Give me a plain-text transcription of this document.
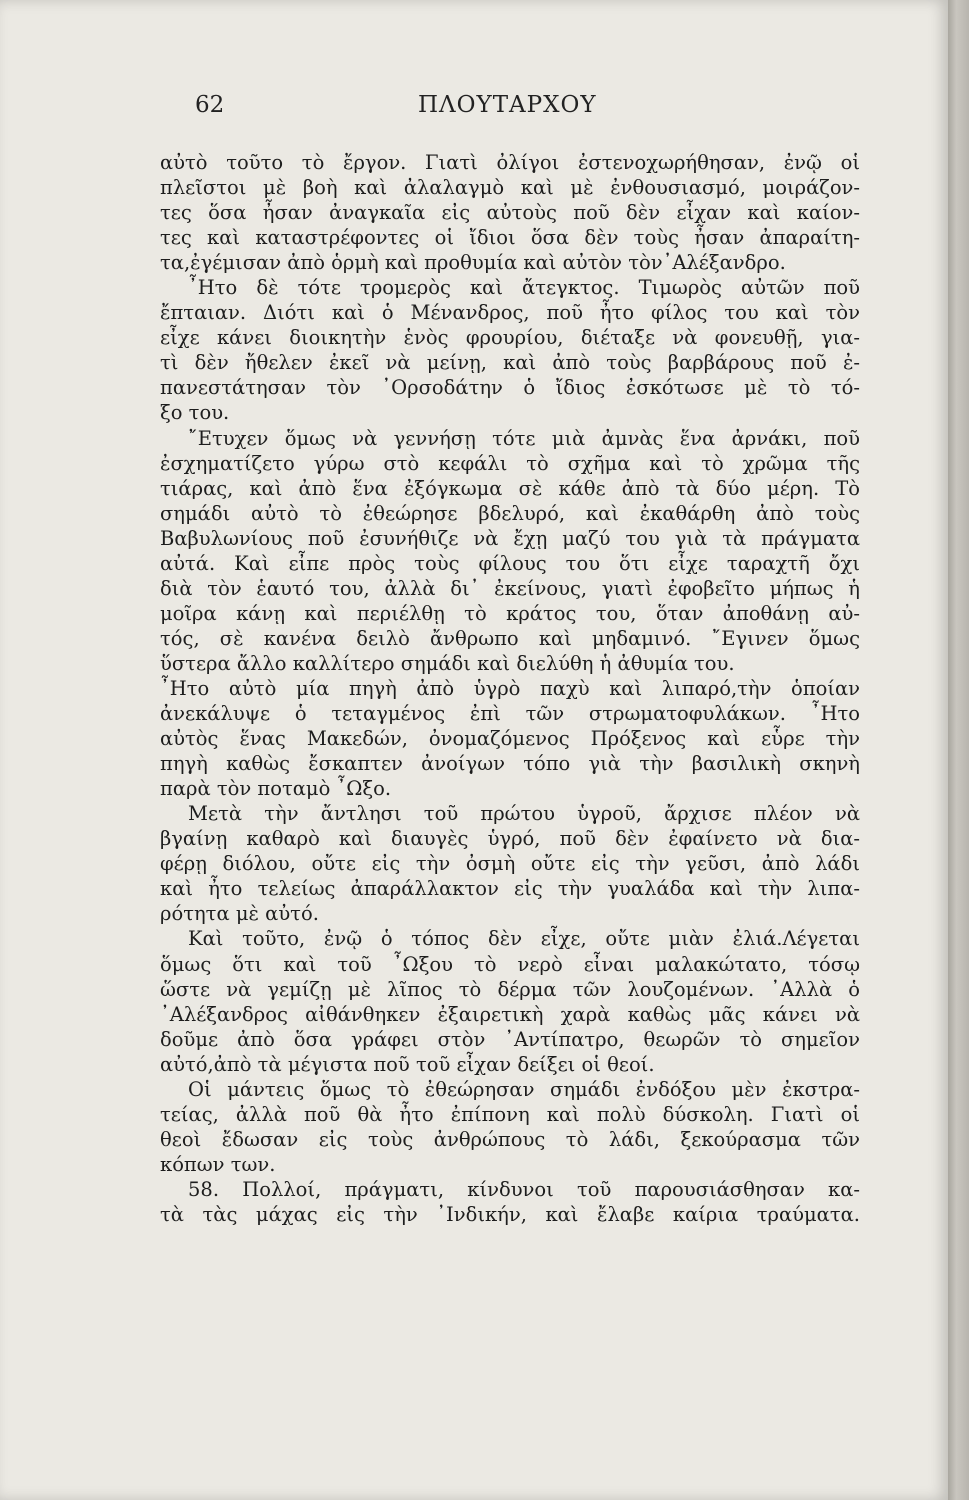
62	ΠΛΟΥΤΑΡΧΟΥ
αὐτὸ τοῦτο τὸ ἔργον. Γιατὶ ὀλίγοι ἐστενοχωρήθησαν, ἐνῷ οἱ
πλεῖστοι μὲ βοὴ καὶ ἀλαλαγμὸ καὶ μὲ ἐνθουσιασμό, μοιράζον-
τες ὅσα ἦσαν ἀναγκαῖα εἰς αὐτοὺς ποῦ δὲν εἶχαν καὶ καίον-
τες καὶ καταστρέφοντες οἱ ἴδιοι ὅσα δὲν τοὺς ἦσαν ἀπαραίτη-
τα,ἐγέμισαν ἀπὸ ὁρμὴ καὶ προθυμία καὶ αὐτὸν τὸν᾿Αλέξανδρο.
῏Ητο δὲ τότε τρομερὸς καὶ ἄτεγκτος. Τιμωρὸς αὐτῶν ποῦ
ἔπταιαν. Διότι καὶ ὁ Μένανδρος, ποῦ ἦτο φίλος του καὶ τὸν
εἶχε κάνει διοικητὴν ἑνὸς φρουρίου, διέταξε νὰ φονευθῇ, για-
τὶ δὲν ἤθελεν ἐκεῖ νὰ μείνῃ, καὶ ἀπὸ τοὺς βαρβάρους ποῦ ἐ-
πανεστάτησαν τὸν ᾿Ορσοδάτην ὁ ἴδιος ἐσκότωσε μὲ τὸ τό-
ξο του.
῎Ετυχεν ὅμως νὰ γεννήσῃ τότε μιὰ ἀμνὰς ἕνα ἀρνάκι, ποῦ
ἐσχηματίζετο γύρω στὸ κεφάλι τὸ σχῆμα καὶ τὸ χρῶμα τῆς
τιάρας, καὶ ἀπὸ ἕνα ἐξόγκωμα σὲ κάθε ἀπὸ τὰ δύο μέρη. Τὸ
σημάδι αὐτὸ τὸ ἐθεώρησε βδελυρό, καὶ ἐκαθάρθη ἀπὸ τοὺς
Βαβυλωνίους ποῦ ἐσυνήθιζε νὰ ἔχῃ μαζύ του γιὰ τὰ πράγματα
αὐτά. Καὶ εἶπε πρὸς τοὺς φίλους του ὅτι εἶχε ταραχτῆ ὄχι
διὰ τὸν ἑαυτό του, ἀλλὰ δι᾿ ἐκείνους, γιατὶ ἐφοβεῖτο μήπως ἡ
μοῖρα κάνῃ καὶ περιέλθῃ τὸ κράτος του, ὅταν ἀποθάνῃ αὐ-
τός, σὲ κανένα δειλὸ ἄνθρωπο καὶ μηδαμινό. ῎Εγινεν ὅμως
ὕστερα ἄλλο καλλίτερο σημάδι καὶ διελύθη ἡ ἀθυμία του.
῏Ητο αὐτὸ μία πηγὴ ἀπὸ ὑγρὸ παχὺ καὶ λιπαρό,τὴν ὁποίαν
ἀνεκάλυψε ὁ τεταγμένος ἐπὶ τῶν στρωματοφυλάκων. ῏Ητο
αὐτὸς ἕνας Μακεδών, ὀνομαζόμενος Πρόξενος καὶ εὗρε τὴν
πηγὴ καθὼς ἔσκαπτεν ἀνοίγων τόπο γιὰ τὴν βασιλικὴ σκηνὴ
παρὰ τὸν ποταμὸ ῏Ωξο.
Μετὰ τὴν ἄντλησι τοῦ πρώτου ὑγροῦ, ἄρχισε πλέον νὰ
βγαίνῃ καθαρὸ καὶ διαυγὲς ὑγρό, ποῦ δὲν ἐφαίνετο νὰ δια-
φέρῃ διόλου, οὔτε εἰς τὴν ὀσμὴ οὔτε εἰς τὴν γεῦσι, ἀπὸ λάδι
καὶ ἦτο τελείως ἀπαράλλακτον εἰς τὴν γυαλάδα καὶ τὴν λιπα-
ρότητα μὲ αὐτό.
Καὶ τοῦτο, ἐνῷ ὁ τόπος δὲν εἶχε, οὔτε μιὰν ἐλιά.Λέγεται
ὅμως ὅτι καὶ τοῦ ῏Ωξου τὸ νερὸ εἶναι μαλακώτατο, τόσῳ
ὥστε νὰ γεμίζῃ μὲ λῖπος τὸ δέρμα τῶν λουζομένων. ᾿Αλλὰ ὁ
᾿Αλέξανδρος αἰθάνθηκεν ἐξαιρετικὴ χαρὰ καθὼς μᾶς κάνει νὰ
δοῦμε ἀπὸ ὅσα γράφει στὸν ᾿Αντίπατρο, θεωρῶν τὸ σημεῖον
αὐτό,ἀπὸ τὰ μέγιστα ποῦ τοῦ εἶχαν δείξει οἱ θεοί.
Οἱ μάντεις ὅμως τὸ ἐθεώρησαν σημάδι ἐνδόξου μὲν ἐκστρα-
τείας, ἀλλὰ ποῦ θὰ ἦτο ἐπίπονη καὶ πολὺ δύσκολη. Γιατὶ οἱ
θεοὶ ἔδωσαν εἰς τοὺς ἀνθρώπους τὸ λάδι, ξεκούρασμα τῶν
κόπων των.
58. Πολλοί, πράγματι, κίνδυνοι τοῦ παρουσιάσθησαν κα-
τὰ τὰς μάχας εἰς τὴν ᾿Ινδικήν, καὶ ἔλαβε καίρια τραύματα.
